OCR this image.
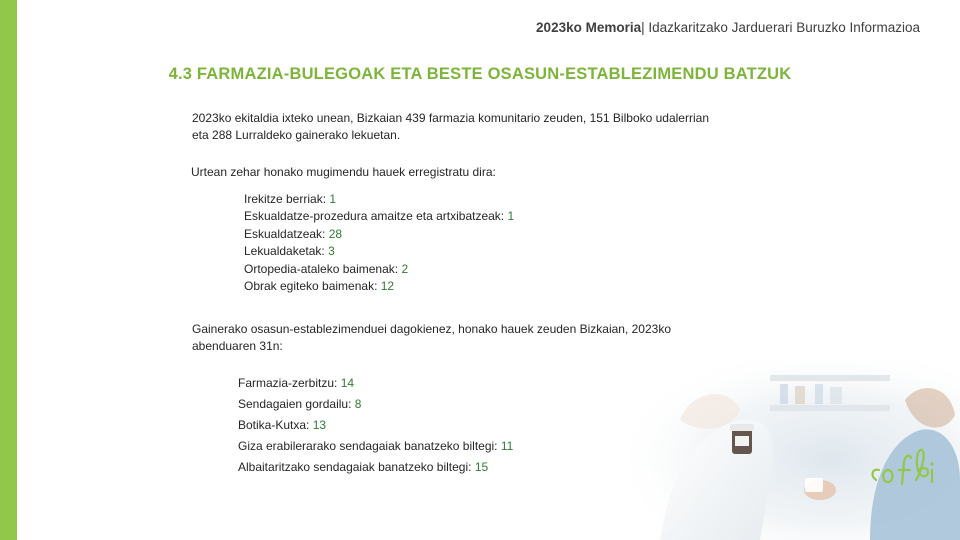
2023ko Memoria| Idazkaritzako Jarduerari Buruzko Informazioa
4.3 FARMAZIA-BULEGOAK ETA BESTE OSASUN-ESTABLEZIMENDU BATZUK
2023ko ekitaldia ixteko unean, Bizkaian 439 farmazia komunitario zeuden, 151 Bilboko udalerrian
eta 288 Lurraldeko gainerako lekuetan.
Urtean zehar honako mugimendu hauek erregistratu dira:
Irekitze berriak: 1
Eskualdatze-prozedura amaitze eta artxibatzeak: 1
Eskualdatzeak: 28
Lekualdaketak: 3
Ortopedia-ataleko baimenak: 2
Obrak egiteko baimenak: 12
Gainerako osasun-establezimenduei dagokienez, honako hauek zeuden Bizkaian, 2023ko
abenduaren 31n:
Farmazia-zerbitzu: 14
Sendagaien gordailu: 8
Botika-Kutxa: 13
Giza erabilerarako sendagaiak banatzeko biltegi: 11
Albaitaritzako sendagaiak banatzeko biltegi: 15
